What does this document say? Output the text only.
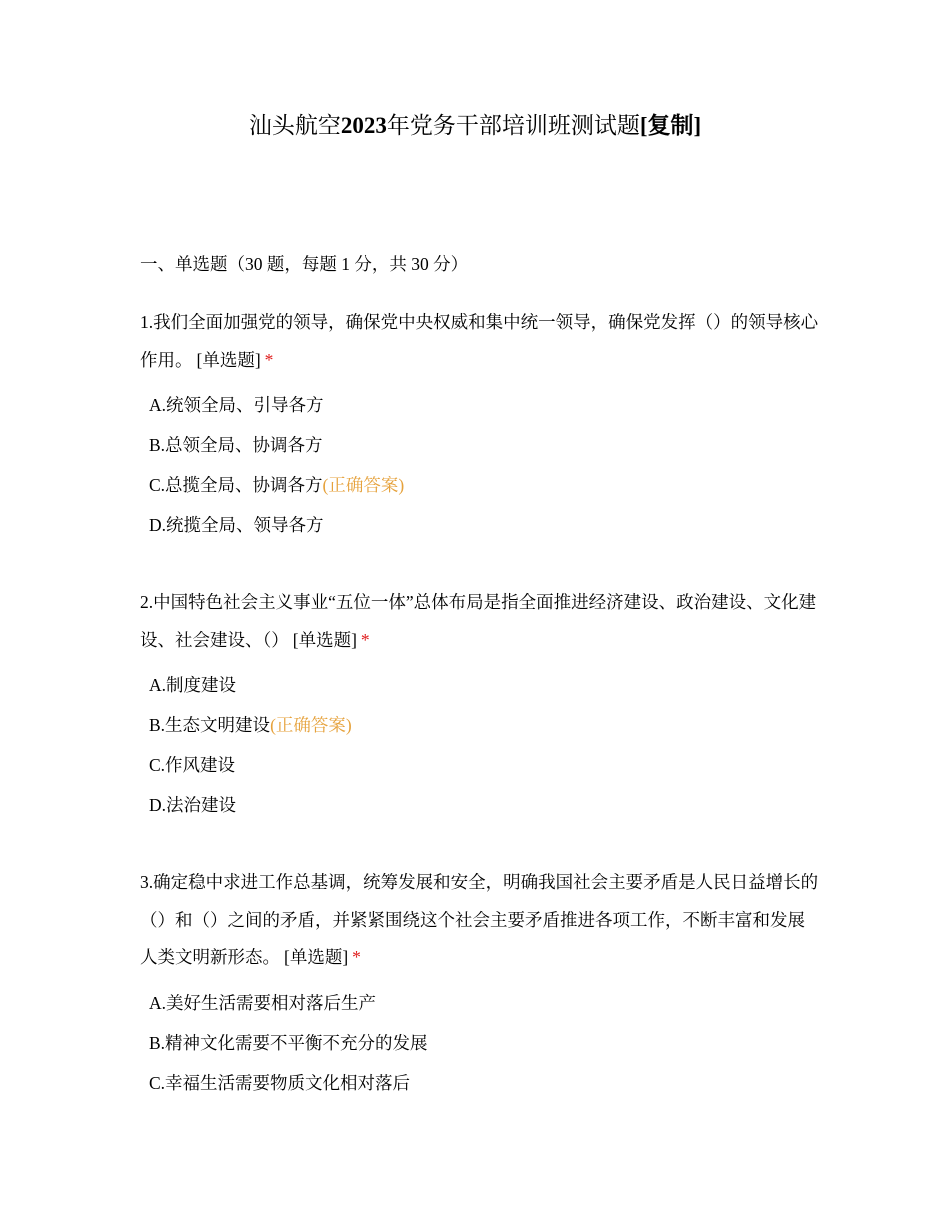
汕头航空2023年党务干部培训班测试题[复制]
一、单选题（30 题，每题 1 分，共 30 分）

1.我们全面加强党的领导，确保党中央权威和集中统一领导，确保党发挥（）的领导核心作用。 [单选题] *

A.统领全局、引导各方
B.总领全局、协调各方
C.总揽全局、协调各方(正确答案)
D.统揽全局、领导各方

2.中国特色社会主义事业“五位一体”总体布局是指全面推进经济建设、政治建设、文化建设、社会建设、（） [单选题] *

A.制度建设
B.生态文明建设(正确答案)
C.作风建设
D.法治建设

3.确定稳中求进工作总基调，统筹发展和安全，明确我国社会主要矛盾是人民日益增长的（）和（）之间的矛盾，并紧紧围绕这个社会主要矛盾推进各项工作，不断丰富和发展人类文明新形态。 [单选题] *

A.美好生活需要相对落后生产
B.精神文化需要不平衡不充分的发展
C.幸福生活需要物质文化相对落后
